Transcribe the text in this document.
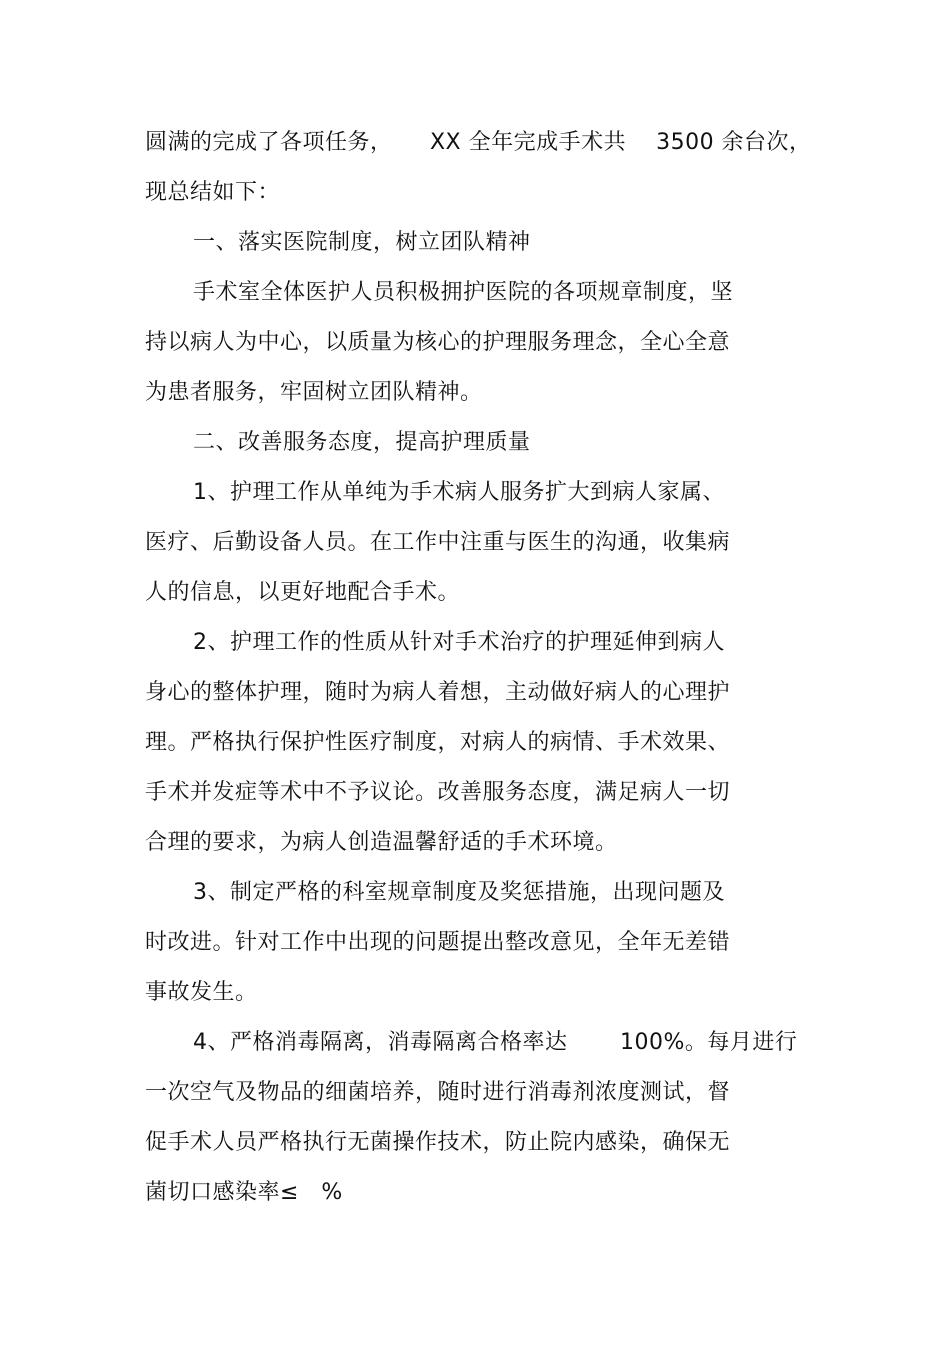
圆满的完成了各项任务，     XX 全年完成手术共    3500 余台次，
现总结如下：
一、落实医院制度，树立团队精神
手术室全体医护人员积极拥护医院的各项规章制度，坚
持以病人为中心，以质量为核心的护理服务理念，全心全意
为患者服务，牢固树立团队精神。
二、改善服务态度，提高护理质量
1、护理工作从单纯为手术病人服务扩大到病人家属、
医疗、后勤设备人员。在工作中注重与医生的沟通，收集病
人的信息，以更好地配合手术。
2、护理工作的性质从针对手术治疗的护理延伸到病人
身心的整体护理，随时为病人着想，主动做好病人的心理护
理。严格执行保护性医疗制度，对病人的病情、手术效果、
手术并发症等术中不予议论。改善服务态度，满足病人一切
合理的要求，为病人创造温馨舒适的手术环境。
3、制定严格的科室规章制度及奖惩措施，出现问题及
时改进。针对工作中出现的问题提出整改意见，全年无差错
事故发生。
4、严格消毒隔离，消毒隔离合格率达       100%。每月进行
一次空气及物品的细菌培养，随时进行消毒剂浓度测试，督
促手术人员严格执行无菌操作技术，防止院内感染，确保无
菌切口感染率≤   %
